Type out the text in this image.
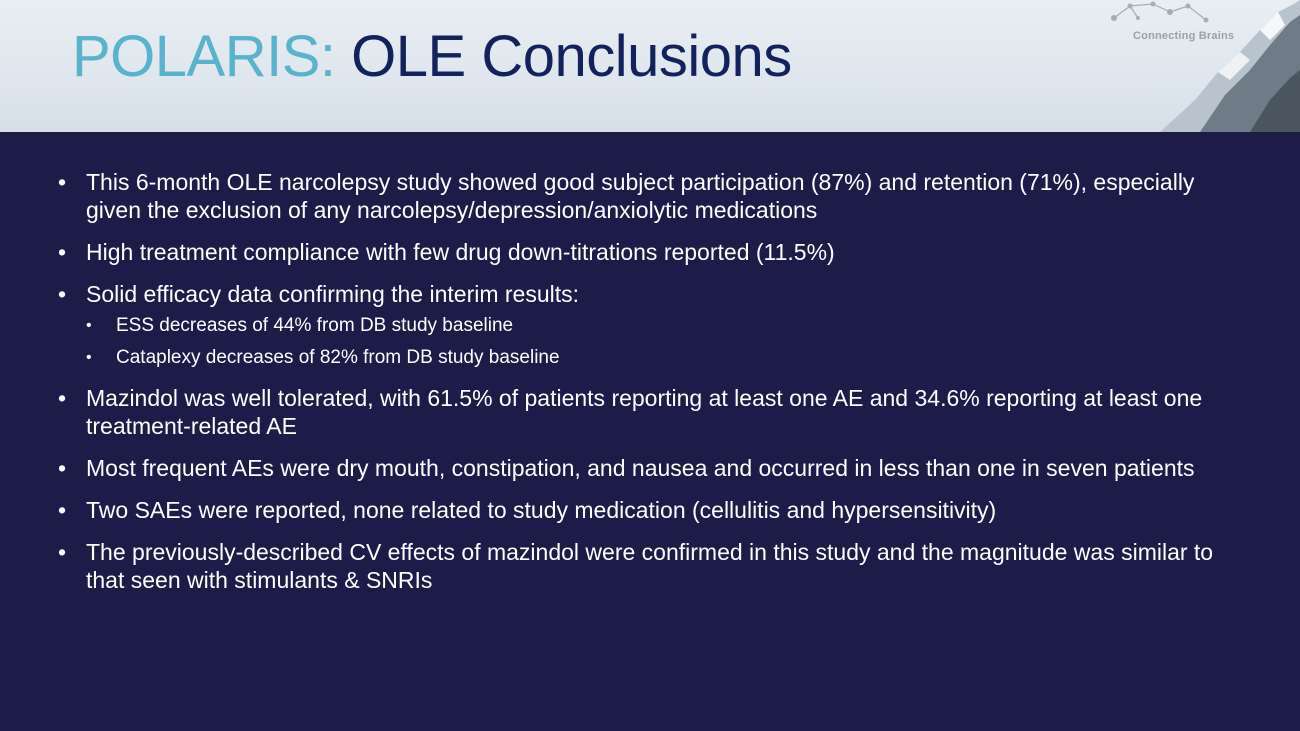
Connecting Brains
POLARIS: OLE Conclusions
• This 6-month OLE narcolepsy study showed good subject participation (87%) and retention (71%), especially given the exclusion of any narcolepsy/depression/anxiolytic medications
• High treatment compliance with few drug down-titrations reported (11.5%)
• Solid efficacy data confirming the interim results:
• ESS decreases of 44% from DB study baseline
• Cataplexy decreases of 82% from DB study baseline
• Mazindol was well tolerated, with 61.5% of patients reporting at least one AE and 34.6% reporting at least one treatment-related AE
• Most frequent AEs were dry mouth, constipation, and nausea and occurred in less than one in seven patients
• Two SAEs were reported, none related to study medication (cellulitis and hypersensitivity)
• The previously-described CV effects of mazindol were confirmed in this study and the magnitude was similar to that seen with stimulants & SNRIs
